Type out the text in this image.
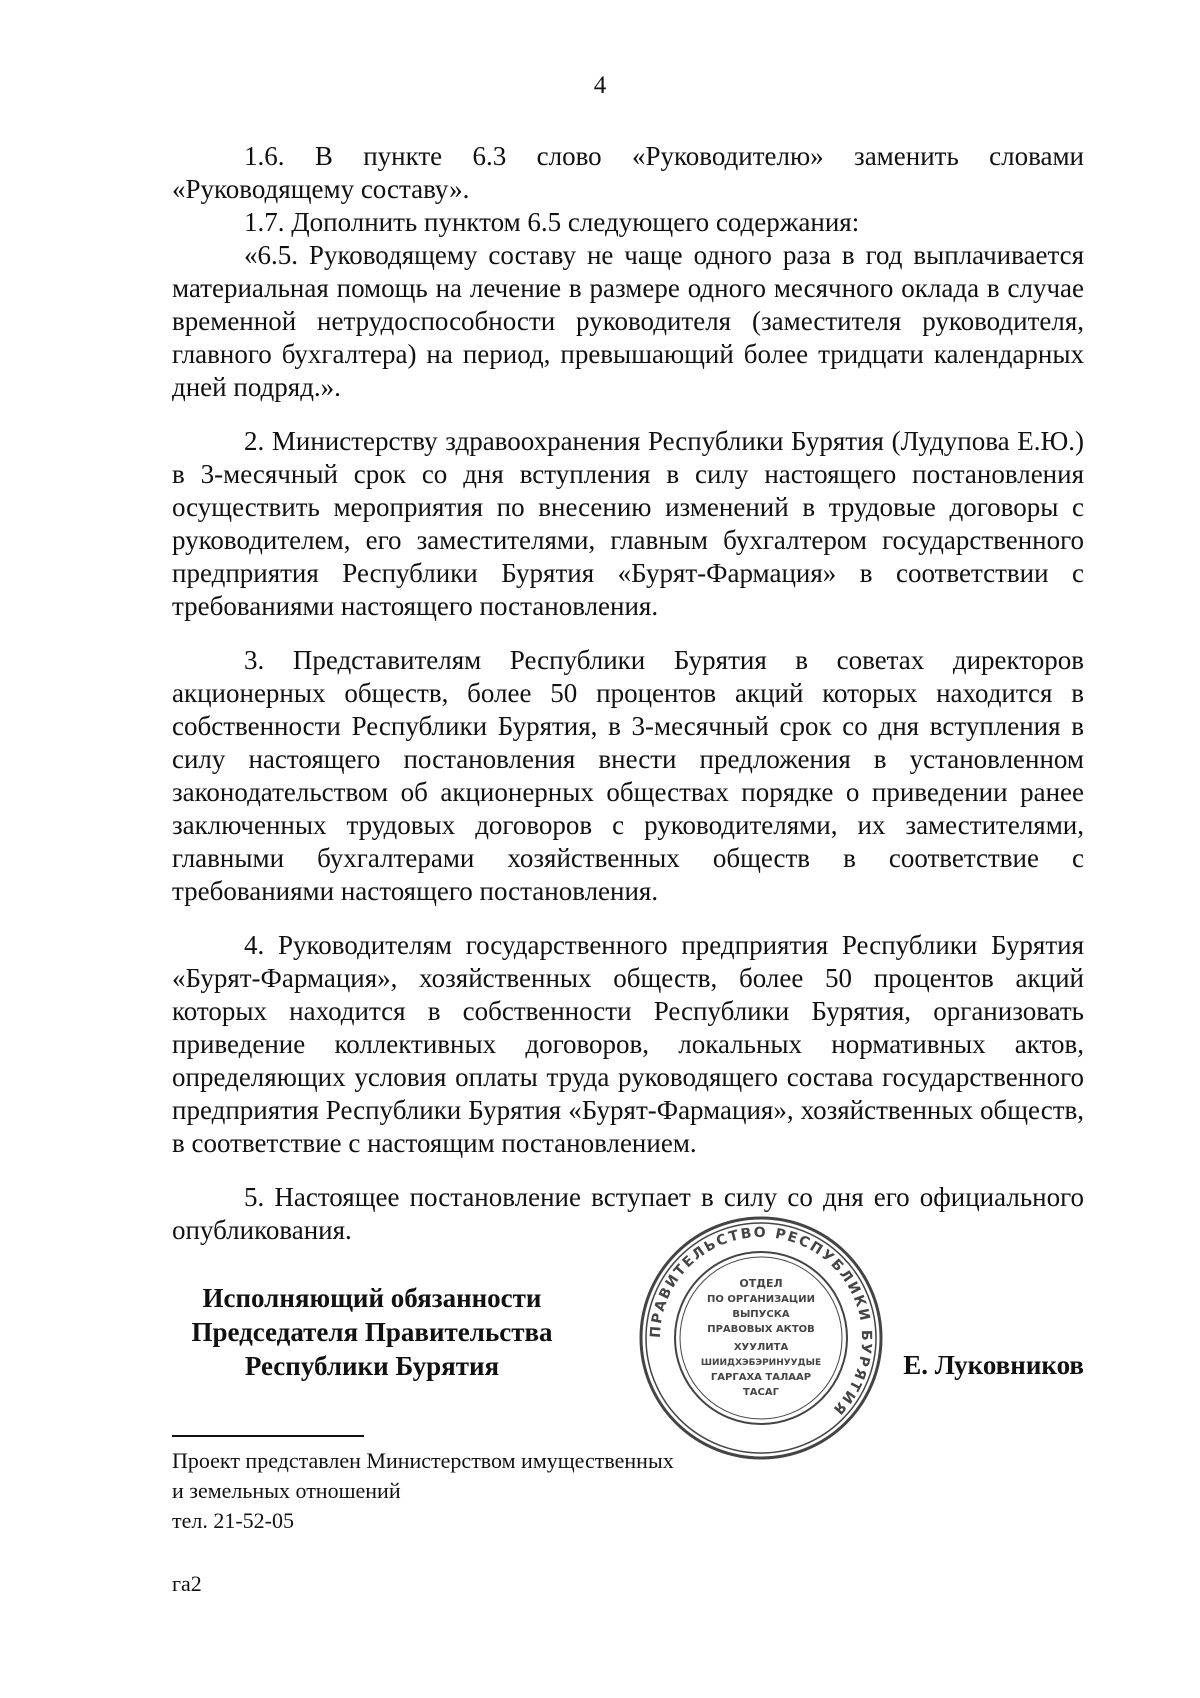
4

1.6. В пункте 6.3 слово «Руководителю» заменить словами «Руководящему составу».

1.7. Дополнить пунктом 6.5 следующего содержания:

«6.5. Руководящему составу не чаще одного раза в год выплачивается материальная помощь на лечение в размере одного месячного оклада в случае временной нетрудоспособности руководителя (заместителя руководителя, главного бухгалтера) на период, превышающий более тридцати календарных дней подряд.».

2. Министерству здравоохранения Республики Бурятия (Лудупова Е.Ю.) в 3-месячный срок со дня вступления в силу настоящего постановления осуществить мероприятия по внесению изменений в трудовые договоры с руководителем, его заместителями, главным бухгалтером государственного предприятия Республики Бурятия «Бурят-Фармация» в соответствии с требованиями настоящего постановления.

3. Представителям Республики Бурятия в советах директоров акционерных обществ, более 50 процентов акций которых находится в собственности Республики Бурятия, в 3-месячный срок со дня вступления в силу настоящего постановления внести предложения в установленном законодательством об акционерных обществах порядке о приведении ранее заключенных трудовых договоров с руководителями, их заместителями, главными бухгалтерами хозяйственных обществ в соответствие с требованиями настоящего постановления.

4. Руководителям государственного предприятия Республики Бурятия «Бурят-Фармация», хозяйственных обществ, более 50 процентов акций которых находится в собственности Республики Бурятия, организовать приведение коллективных договоров, локальных нормативных актов, определяющих условия оплаты труда руководящего состава государственного предприятия Республики Бурятия «Бурят-Фармация», хозяйственных обществ, в соответствие с настоящим постановлением.

5. Настоящее постановление вступает в силу со дня его официального опубликования.

Исполняющий обязанности
Председателя Правительства
Республики Бурятия
ПРАВИТЕЛЬСТВО РЕСПУБЛИКИ БУРЯТИЯ
ОТДЕЛ
ПО ОРГАНИЗАЦИИ
ВЫПУСКА
ПРАВОВЫХ АКТОВ
ХУУЛИТА
ШИИДХЭБЭРИНУУДЫЕ
ГАРГАХА ТАЛААР
ТАСАГ
Е. Луковников
Проект представлен Министерством имущественных
и земельных отношений
тел. 21-52-05
га2
